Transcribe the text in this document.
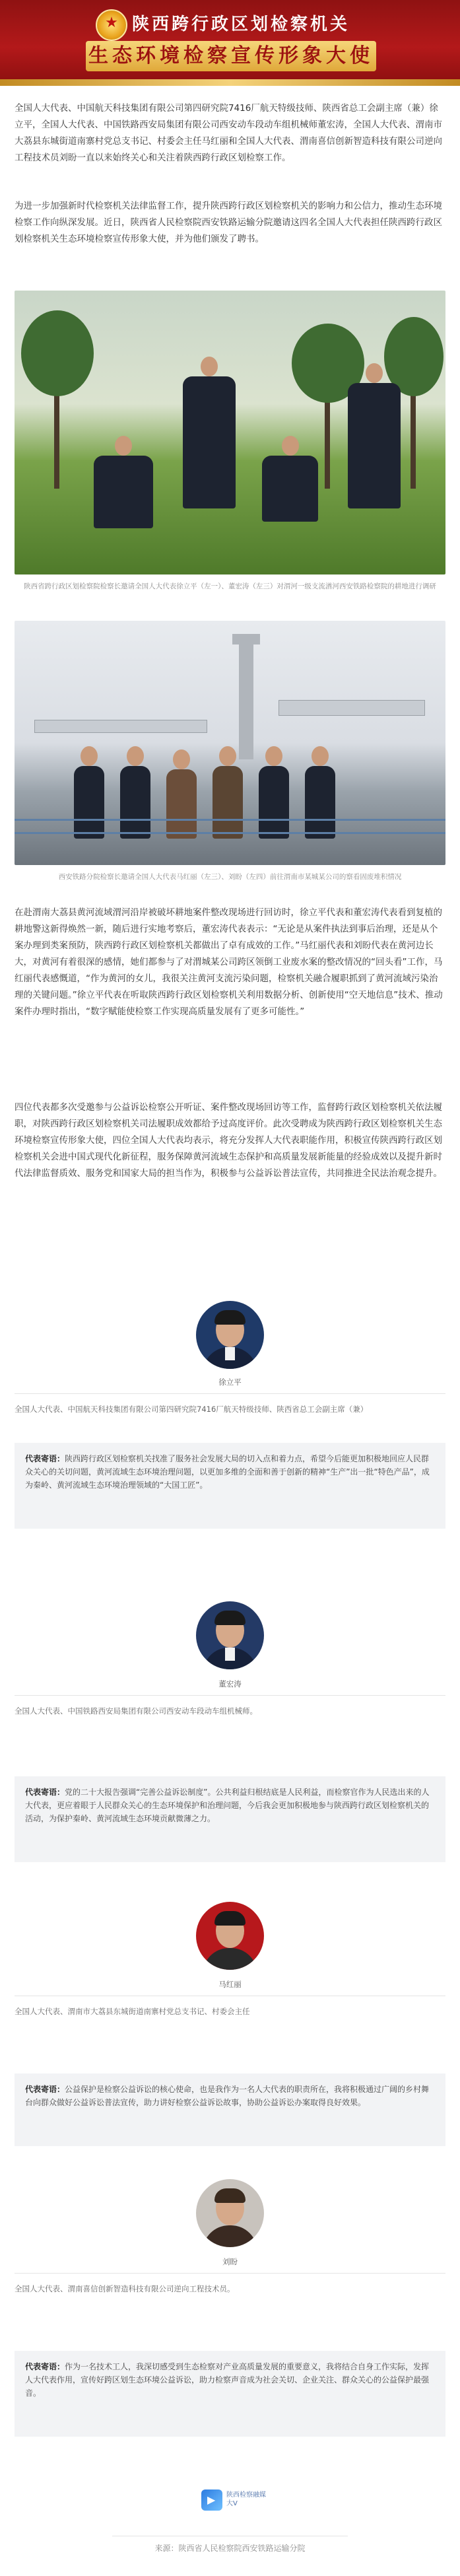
★
陕西跨行政区划检察机关
生态环境检察宣传形象大使

全国人大代表、中国航天科技集团有限公司第四研究院7416厂航天特级技师、陕西省总工会副主席（兼）徐立平，全国人大代表、中国铁路西安局集团有限公司西安动车段动车组机械师董宏涛，全国人大代表、渭南市大荔县东城街道南寨村党总支书记、村委会主任马红丽和全国人大代表、渭南喜信创新智造科技有限公司逆向工程技术员刘盼一直以来始终关心和关注着陕西跨行政区划检察工作。

为进一步加强新时代检察机关法律监督工作，提升陕西跨行政区划检察机关的影响力和公信力，推动生态环境检察工作向纵深发展。近日，陕西省人民检察院西安铁路运输分院邀请这四名全国人大代表担任陕西跨行政区划检察机关生态环境检察宣传形象大使，并为他们颁发了聘书。

陕西省跨行政区划检察院检察长邀请全国人大代表徐立平（左一）、董宏涛（左三）对渭河一级支流湭河西安铁路检察院的耕地进行调研
西安铁路分院检察长邀请全国人大代表马红丽（左三）、刘盼（左四）前往渭南市某城某公司的察看固废堆积情况

在赴渭南大荔县黄河流域渭河沿岸被破坏耕地案件整改现场进行回访时，徐立平代表和董宏涛代表看到复植的耕地警这新得焕然一新，随后进行实地考察后，董宏涛代表表示：“无论是从案件执法到事后治理，还是从个案办理到类案预防，陕西跨行政区划检察机关都做出了卓有成效的工作。”马红丽代表和刘盼代表在黄河边长大，对黄河有着很深的感情，她们都参与了对渭城某公司跨区领倒工业废水案的整改情况的“回头看”工作，马红丽代表感慨道，“作为黄河的女儿，我很关注黄河支流污染问题，检察机关融合履职抓到了黄河流域污染治理的关键问题。”徐立平代表在听取陕西跨行政区划检察机关利用数据分析、创新使用“空天地信息”技术、推动案件办理时指出，“数字赋能使检察工作实现高质量发展有了更多可能性。”

四位代表都多次受邀参与公益诉讼检察公开听证、案件整改现场回访等工作，监督跨行政区划检察机关依法履职，对陕西跨行政区划检察机关司法履职成效都给予过高度评价。此次受聘成为陕西跨行政区划检察机关生态环境检察宣传形象大使，四位全国人大代表均表示，将充分发挥人大代表职能作用，积极宣传陕西跨行政区划检察机关会进中国式现代化新征程，服务保障黄河流域生态保护和高质量发展新能量的经验成效以及提升新时代法律监督质效、服务党和国家大局的担当作为，积极参与公益诉讼普法宣传，共同推进全民法治观念提升。

徐立平
全国人大代表、中国航天科技集团有限公司第四研究院7416厂航天特级技师、陕西省总工会副主席（兼）
代表寄语：陕西跨行政区划检察机关找准了服务社会发展大局的切入点和着力点，希望今后能更加积极地回应人民群众关心的关切问题，黄河流域生态环境治理问题，以更加多维的全面和善于创新的精神“生产”出一批“特色产品”，成为秦岭、黄河流域生态环境治理领域的“大国工匠”。
董宏涛
全国人大代表、中国铁路西安局集团有限公司西安动车段动车组机械师。
代表寄语：党的二十大报告强调“完善公益诉讼制度”。公共利益归根结底是人民利益，而检察官作为人民选出来的人大代表，更应着眼于人民群众关心的生态环境保护和治理问题，今后我会更加积极地参与陕西跨行政区划检察机关的活动，为保护秦岭、黄河流域生态环境贡献微薄之力。
马红丽
全国人大代表、渭南市大荔县东城街道南寨村党总支书记、村委会主任
代表寄语：公益保护是检察公益诉讼的核心使命，也是我作为一名人大代表的职责所在，我将积极通过广阔的乡村舞台向群众做好公益诉讼普法宣传，助力讲好检察公益诉讼故事，协助公益诉讼办案取得良好效果。
刘盼
全国人大代表、渭南喜信创新智造科技有限公司逆向工程技术员。
代表寄语：作为一名技术工人，我深切感受到生态检察对产业高质量发展的重要意义，我将结合自身工作实际，发挥人大代表作用，宣传好跨区划生态环境公益诉讼，助力检察声音成为社会关切、企业关注、群众关心的公益保护最强音。
▶
陕西检察融媒大V
来源：陕西省人民检察院西安铁路运输分院
